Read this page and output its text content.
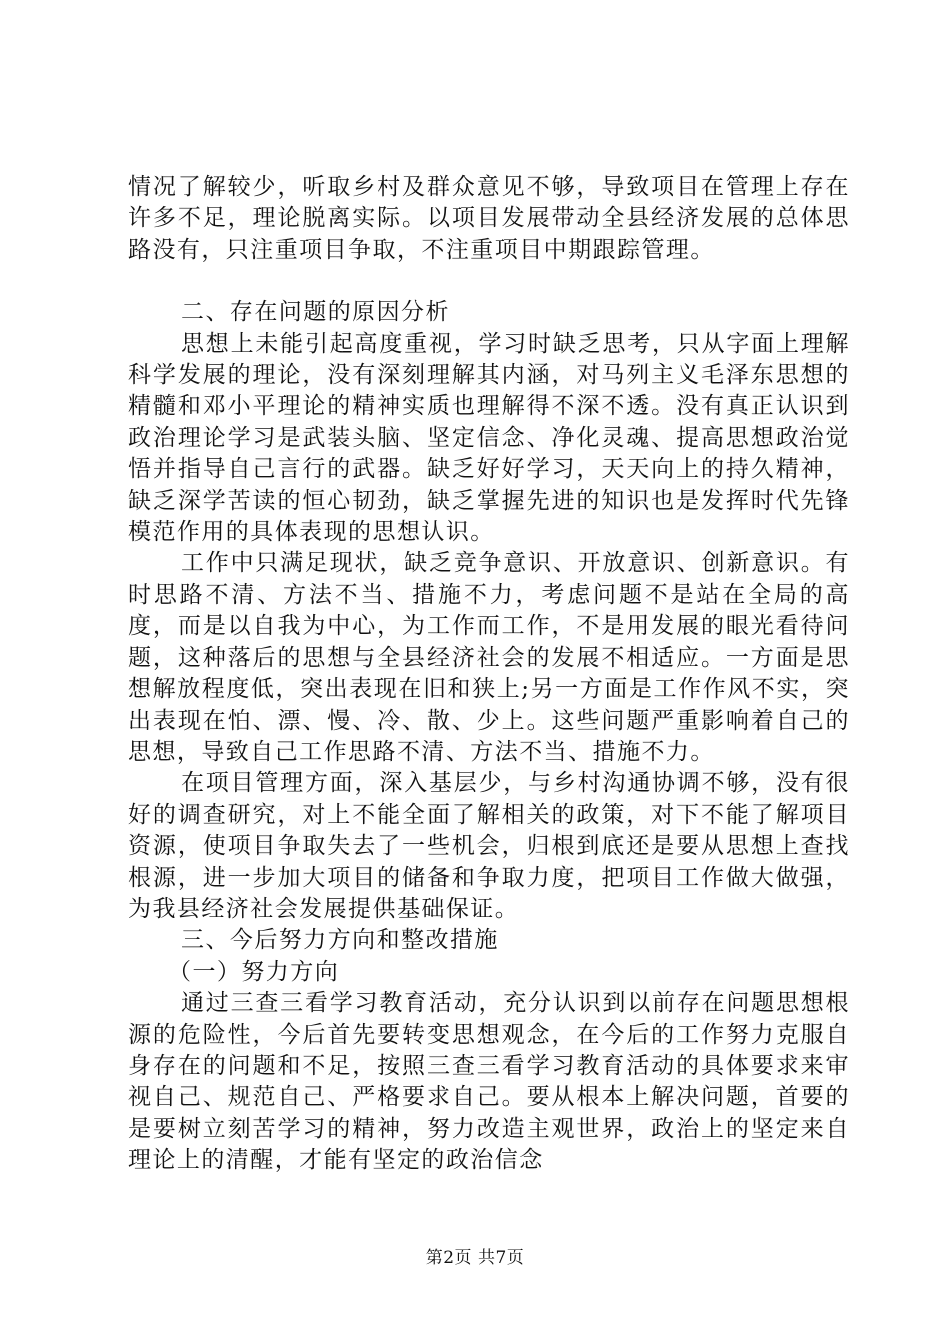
情况了解较少，听取乡村及群众意见不够，导致项目在管理上存在许多不足，理论脱离实际。以项目发展带动全县经济发展的总体思路没有，只注重项目争取，不注重项目中期跟踪管理。

二、存在问题的原因分析

思想上未能引起高度重视，学习时缺乏思考，只从字面上理解科学发展的理论，没有深刻理解其内涵，对马列主义毛泽东思想的精髓和邓小平理论的精神实质也理解得不深不透。没有真正认识到政治理论学习是武装头脑、坚定信念、净化灵魂、提高思想政治觉悟并指导自己言行的武器。缺乏好好学习，天天向上的持久精神，缺乏深学苦读的恒心韧劲，缺乏掌握先进的知识也是发挥时代先锋模范作用的具体表现的思想认识。

工作中只满足现状，缺乏竞争意识、开放意识、创新意识。有时思路不清、方法不当、措施不力，考虑问题不是站在全局的高度，而是以自我为中心，为工作而工作，不是用发展的眼光看待问题，这种落后的思想与全县经济社会的发展不相适应。一方面是思想解放程度低，突出表现在旧和狭上;另一方面是工作作风不实，突出表现在怕、漂、慢、冷、散、少上。这些问题严重影响着自己的思想，导致自己工作思路不清、方法不当、措施不力。

在项目管理方面，深入基层少，与乡村沟通协调不够，没有很好的调查研究，对上不能全面了解相关的政策，对下不能了解项目资源，使项目争取失去了一些机会，归根到底还是要从思想上查找根源，进一步加大项目的储备和争取力度，把项目工作做大做强，为我县经济社会发展提供基础保证。

三、今后努力方向和整改措施

（一）努力方向

通过三查三看学习教育活动，充分认识到以前存在问题思想根源的危险性，今后首先要转变思想观念，在今后的工作努力克服自身存在的问题和不足，按照三查三看学习教育活动的具体要求来审视自己、规范自己、严格要求自己。要从根本上解决问题，首要的是要树立刻苦学习的精神，努力改造主观世界，政治上的坚定来自理论上的清醒，才能有坚定的政治信念

第2页 共7页
